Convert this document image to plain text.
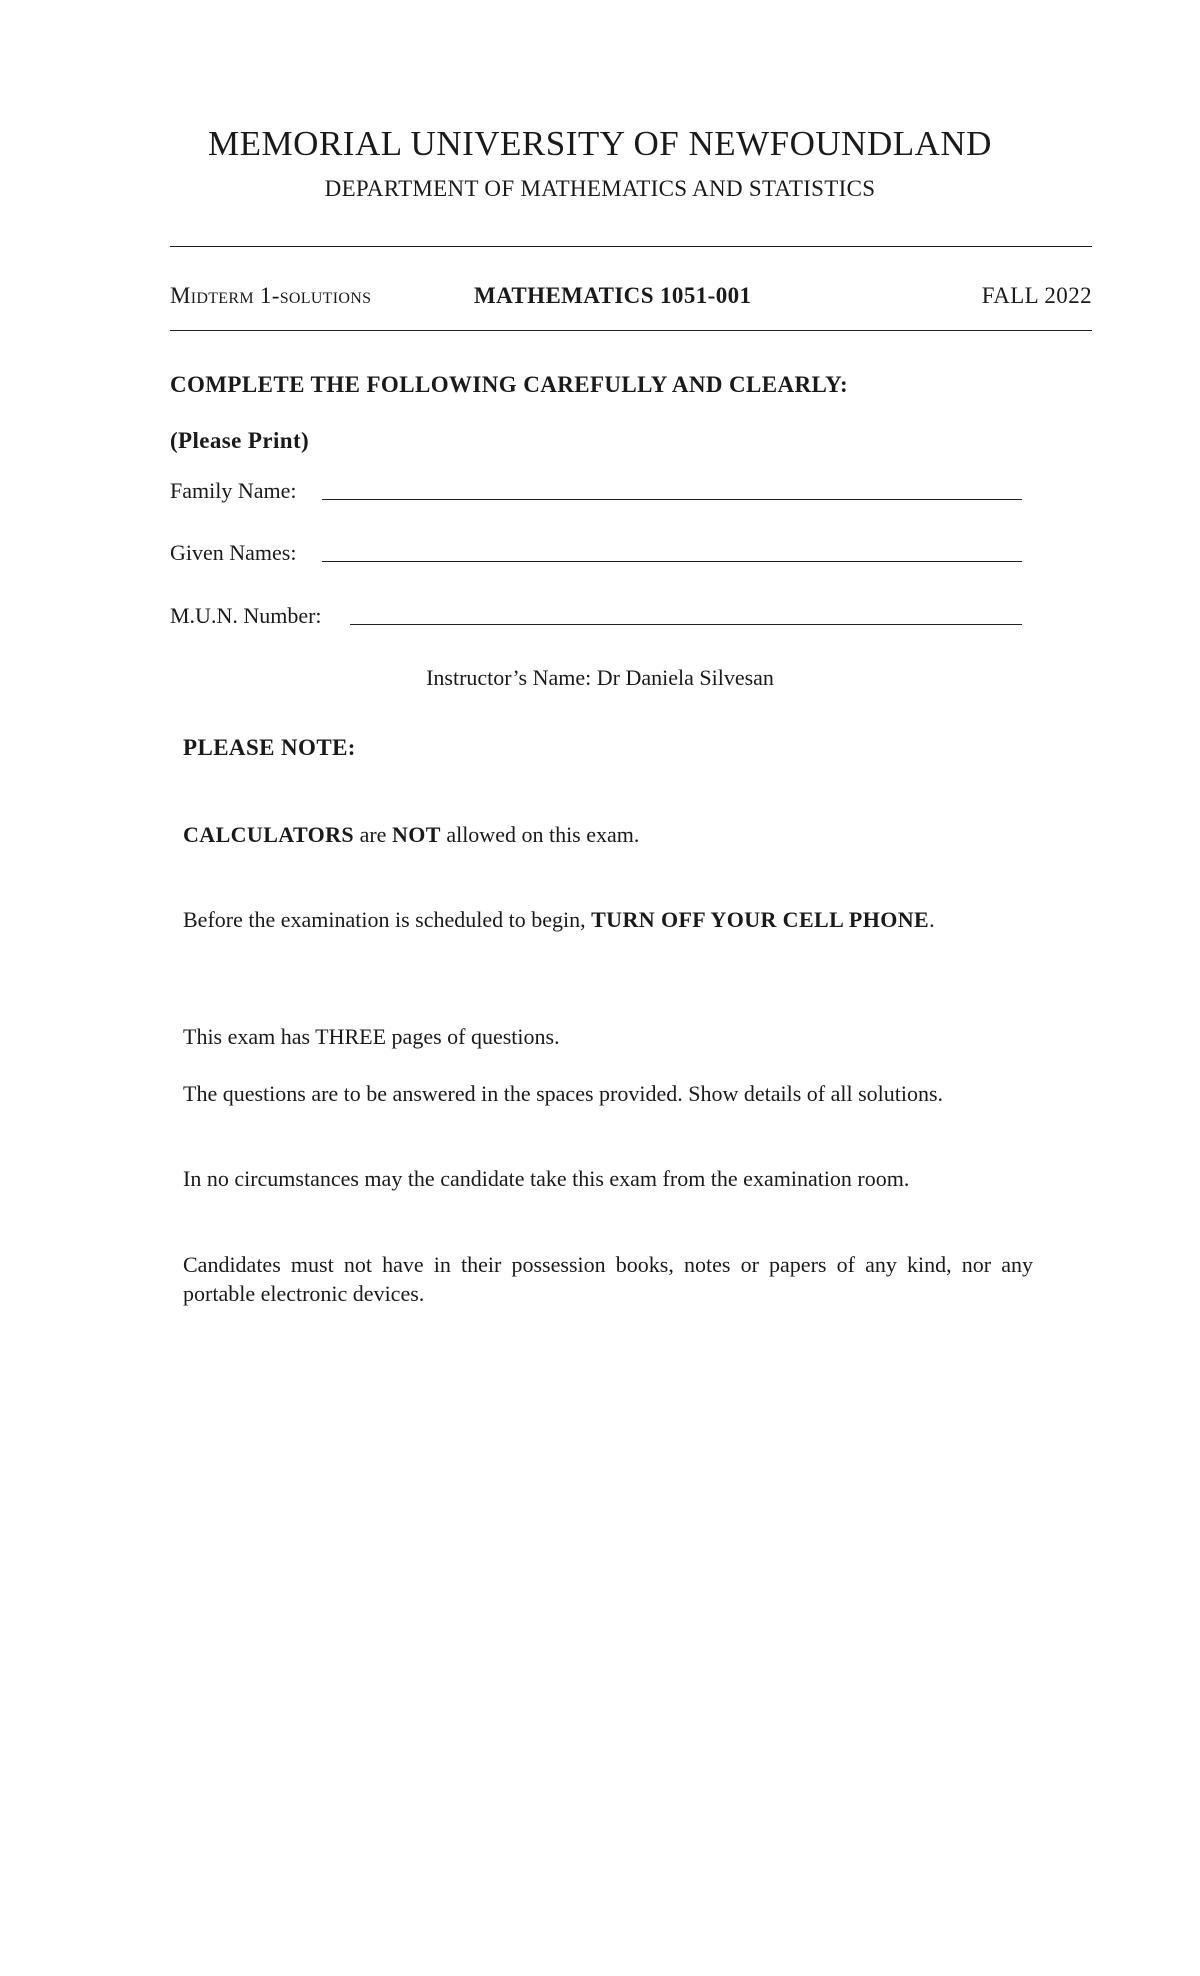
MEMORIAL UNIVERSITY OF NEWFOUNDLAND
DEPARTMENT OF MATHEMATICS AND STATISTICS
Midterm 1-solutions	MATHEMATICS 1051-001	FALL 2022
COMPLETE THE FOLLOWING CAREFULLY AND CLEARLY:
(Please Print)
Family Name:
Given Names:
M.U.N. Number:
Instructor’s Name: Dr Daniela Silvesan
PLEASE NOTE:
CALCULATORS are NOT allowed on this exam.
Before the examination is scheduled to begin, TURN OFF YOUR CELL PHONE.
This exam has THREE pages of questions.
The questions are to be answered in the spaces provided. Show details of all solutions.
In no circumstances may the candidate take this exam from the examination room.
Candidates must not have in their possession books, notes or papers of any kind, nor any portable electronic devices.
